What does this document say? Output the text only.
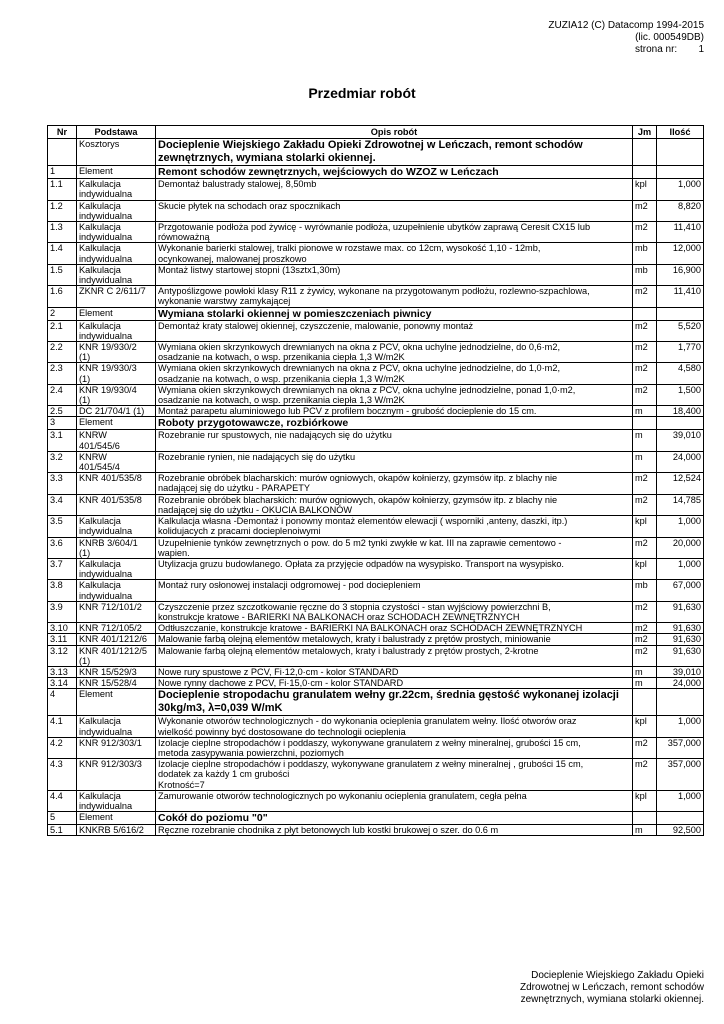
ZUZIA12 (C) Datacomp 1994-2015
(lic. 000549DB)
strona nr: 1
Przedmiar robót
Nr	Podstawa	Opis robót	Jm	Ilość
	Kosztorys	Docieplenie Wiejskiego Zakładu Opieki Zdrowotnej w Leńczach, remont schodów
zewnętrznych, wymiana stolarki okiennej.		
1	Element	Remont schodów zewnętrznych, wejściowych do WZOZ w Leńczach		
1.1	Kalkulacja
indywidualna	Demontaż balustrady stalowej, 8,50mb	kpl	1,000
1.2	Kalkulacja
indywidualna	Skucie płytek na schodach oraz spocznikach	m2	8,820
1.3	Kalkulacja
indywidualna	Przgotowanie podłoża pod żywicę - wyrównanie podłoża, uzupełnienie ubytków zaprawą Ceresit CX15 lub
równoważną	m2	11,410
1.4	Kalkulacja
indywidualna	Wykonanie barierki stalowej, tralki pionowe w rozstawe max. co 12cm, wysokość 1,10 - 12mb,
ocynkowanej, malowanej proszkowo	mb	12,000
1.5	Kalkulacja
indywidualna	Montaż listwy startowej stopni (13sztx1,30m)	mb	16,900
1.6	ZKNR C 2/611/7	Antypoślizgowe powłoki klasy R11 z żywicy, wykonane na przygotowanym podłożu, rozlewno-szpachlowa,
wykonanie warstwy zamykającej	m2	11,410
2	Element	Wymiana stolarki okiennej w pomieszczeniach piwnicy		
2.1	Kalkulacja
indywidualna	Demontaż kraty stalowej okiennej, czyszczenie, malowanie, ponowny montaż	m2	5,520
2.2	KNR 19/930/2
(1)	Wymiana okien skrzynkowych drewnianych na okna z PCV, okna uchylne jednodzielne, do 0,6·m2,
osadzanie na kotwach, o wsp. przenikania ciepła 1,3 W/m2K	m2	1,770
2.3	KNR 19/930/3
(1)	Wymiana okien skrzynkowych drewnianych na okna z PCV, okna uchylne jednodzielne, do 1,0·m2,
osadzanie na kotwach, o wsp. przenikania ciepła 1,3 W/m2K	m2	4,580
2.4	KNR 19/930/4
(1)	Wymiana okien skrzynkowych drewnianych na okna z PCV, okna uchylne jednodzielne, ponad 1,0·m2,
osadzanie na kotwach, o wsp. przenikania ciepła 1,3 W/m2K	m2	1,500
2.5	DC 21/704/1 (1)	Montaż parapetu aluminiowego lub PCV z profilem bocznym - grubość docieplenie do 15 cm.	m	18,400
3	Element	Roboty przygotowawcze, rozbiórkowe		
3.1	KNRW
401/545/6	Rozebranie rur spustowych, nie nadających się do użytku	m	39,010
3.2	KNRW
401/545/4	Rozebranie rynien, nie nadających się do użytku	m	24,000
3.3	KNR 401/535/8	Rozebranie obróbek blacharskich: murów ogniowych, okapów kołnierzy, gzymsów itp. z blachy nie
nadającej się do użytku - PARAPETY	m2	12,524
3.4	KNR 401/535/8	Rozebranie obróbek blacharskich: murów ogniowych, okapów kołnierzy, gzymsów itp. z blachy nie
nadającej się do użytku - OKUCIA BALKONÓW	m2	14,785
3.5	Kalkulacja
indywidualna	Kalkulacja własna -Demontaż i ponowny montaż elementów elewacji ( wsporniki ,anteny, daszki, itp.)
kolidujacych z pracami docieplenoiwymi	kpl	1,000
3.6	KNRB 3/604/1
(1)	Uzupełnienie tynków zewnętrznych o pow. do 5 m2 tynki zwykłe w kat. III na zaprawie cementowo -
wapien.	m2	20,000
3.7	Kalkulacja
indywidualna	Utylizacja gruzu budowlanego. Opłata za przyjęcie odpadów na wysypisko. Transport na wysypisko.	kpl	1,000
3.8	Kalkulacja
indywidualna	Montaż rury osłonowej instalacji odgromowej - pod dociepleniem	mb	67,000
3.9	KNR 712/101/2	Czyszczenie przez szczotkowanie ręczne do 3 stopnia czystości - stan wyjściowy powierzchni B,
konstrukcje kratowe - BARIERKI NA BALKONACH oraz SCHODACH ZEWNĘTRZNYCH	m2	91,630
3.10	KNR 712/105/2	Odtłuszczanie, konstrukcje kratowe - BARIERKI NA BALKONACH oraz SCHODACH ZEWNĘTRZNYCH	m2	91,630
3.11	KNR 401/1212/6	Malowanie farbą olejną elementów metalowych, kraty i balustrady z prętów prostych, miniowanie	m2	91,630
3.12	KNR 401/1212/5
(1)	Malowanie farbą olejną elementów metalowych, kraty i balustrady z prętów prostych, 2-krotne	m2	91,630
3.13	KNR 15/529/3	Nowe rury spustowe z PCV, Fi·12,0·cm - kolor STANDARD	m	39,010
3.14	KNR 15/528/4	Nowe rynny dachowe z PCV, Fi·15,0·cm - kolor STANDARD	m	24,000
4	Element	Docieplenie stropodachu granulatem wełny gr.22cm, średnia gęstość wykonanej izolacji
30kg/m3, λ=0,039 W/mK		
4.1	Kalkulacja
indywidualna	Wykonanie otworów technologicznych - do wykonania ocieplenia granulatem wełny. Ilość otworów oraz
wielkość powinny być dostosowane do technologii ocieplenia	kpl	1,000
4.2	KNR 912/303/1	Izolacje cieplne stropodachów i poddaszy, wykonywane granulatem z wełny mineralnej, grubości 15 cm,
metoda zasypywania powierzchni, poziomych	m2	357,000
4.3	KNR 912/303/3	Izolacje cieplne stropodachów i poddaszy, wykonywane granulatem z wełny mineralnej , grubości 15 cm,
dodatek za każdy 1 cm grubości
Krotność=7	m2	357,000
4.4	Kalkulacja
indywidualna	Zamurowanie otworów technologicznych po wykonaniu ocieplenia granulatem, cegła pełna	kpl	1,000
5	Element	Cokół do poziomu "0"		
5.1	KNKRB 5/616/2	Ręczne rozebranie chodnika z płyt betonowych lub kostki brukowej o szer. do 0.6 m	m	92,500
Docieplenie Wiejskiego Zakładu Opieki Zdrowotnej w Leńczach, remont schodów zewnętrznych, wymiana stolarki okiennej.
